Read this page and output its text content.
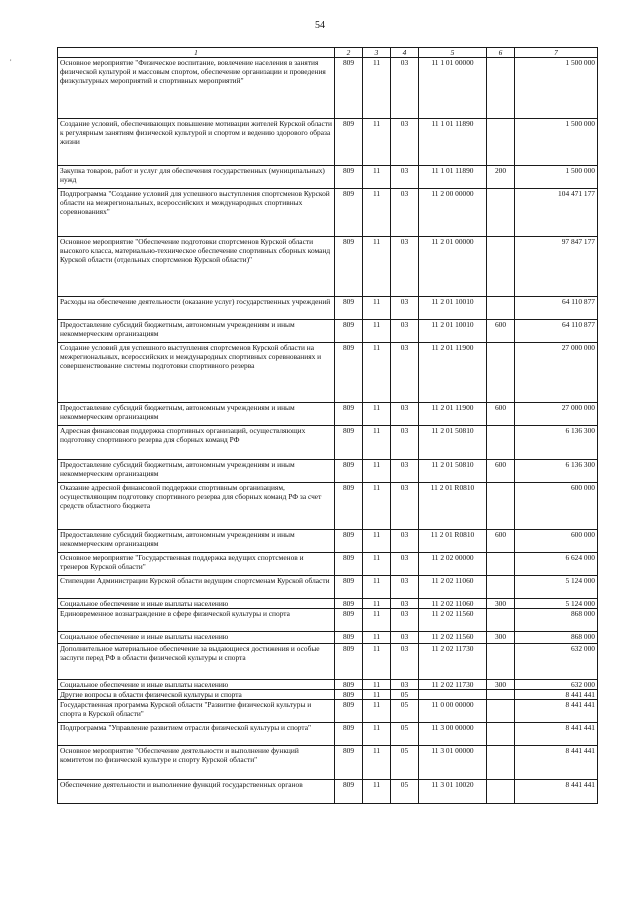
54
,
1	2	3	4	5	6	7
Основное мероприятие "Физическое воспитание, вовлечение населения в занятия физической культурой и массовым спортом, обеспечение организации и проведения физкультурных мероприятий и спортивных мероприятий"	809	11	03	11 1 01 00000		1 500 000
Создание условий, обеспечивающих повышение мотивации жителей Курской области к регулярным занятиям физической культурой и спортом и ведению здорового образа жизни	809	11	03	11 1 01 11890		1 500 000
Закупка товаров, работ и услуг для обеспечения государственных (муниципальных) нужд	809	11	03	11 1 01 11890	200	1 500 000
Подпрограмма "Создание условий для успешного выступления спортсменов Курской области на межрегиональных, всероссийских и международных спортивных соревнованиях"	809	11	03	11 2 00 00000		104 471 177
Основное мероприятие "Обеспечение подготовки спортсменов Курской области высокого класса, материально-техническое обеспечение спортивных сборных команд Курской области (отдельных спортсменов Курской области)"	809	11	03	11 2 01 00000		97 847 177
Расходы на обеспечение деятельности (оказание услуг) государственных учреждений	809	11	03	11 2 01 10010		64 110 877
Предоставление субсидий бюджетным, автономным учреждениям и иным некоммерческим организациям	809	11	03	11 2 01 10010	600	64 110 877
Создание условий для успешного выступления спортсменов Курской области на межрегиональных, всероссийских и международных спортивных соревнованиях и совершенствование системы подготовки спортивного резерва	809	11	03	11 2 01 11900		27 000 000
Предоставление субсидий бюджетным, автономным учреждениям и иным некоммерческим организациям	809	11	03	11 2 01 11900	600	27 000 000
Адресная финансовая поддержка спортивных организаций, осуществляющих подготовку спортивного резерва для сборных команд РФ	809	11	03	11 2 01 50810		6 136 300
Предоставление субсидий бюджетным, автономным учреждениям и иным некоммерческим организациям	809	11	03	11 2 01 50810	600	6 136 300
Оказание адресной финансовой поддержки спортивным организациям, осуществляющим подготовку спортивного резерва для сборных команд РФ за счет средств областного бюджета	809	11	03	11 2 01 R0810		600 000
Предоставление субсидий бюджетным, автономным учреждениям и иным некоммерческим организациям	809	11	03	11 2 01 R0810	600	600 000
Основное мероприятие "Государственная поддержка ведущих спортсменов и тренеров Курской области"	809	11	03	11 2 02 00000		6 624 000
Стипендии Администрации Курской области ведущим спортсменам Курской области	809	11	03	11 2 02 11060		5 124 000
Социальное обеспечение и иные выплаты населению	809	11	03	11 2 02 11060	300	5 124 000
Единовременное вознаграждение в сфере физической культуры и спорта	809	11	03	11 2 02 11560		868 000
Социальное обеспечение и иные выплаты населению	809	11	03	11 2 02 11560	300	868 000
Дополнительное материальное обеспечение за выдающиеся достижения и особые заслуги перед РФ в области физической культуры и спорта	809	11	03	11 2 02 11730		632 000
Социальное обеспечение и иные выплаты населению	809	11	03	11 2 02 11730	300	632 000
Другие вопросы в области физической культуры и спорта	809	11	05			8 441 441
Государственная программа Курской области "Развитие физической культуры и спорта в Курской области"	809	11	05	11 0 00 00000		8 441 441
Подпрограмма "Управление развитием отрасли физической культуры и спорта"	809	11	05	11 3 00 00000		8 441 441
Основное мероприятие "Обеспечение деятельности и выполнение функций комитетом по физической культуре и спорту Курской области"	809	11	05	11 3 01 00000		8 441 441
Обеспечение деятельности и выполнение функций государственных органов	809	11	05	11 3 01 10020		8 441 441
